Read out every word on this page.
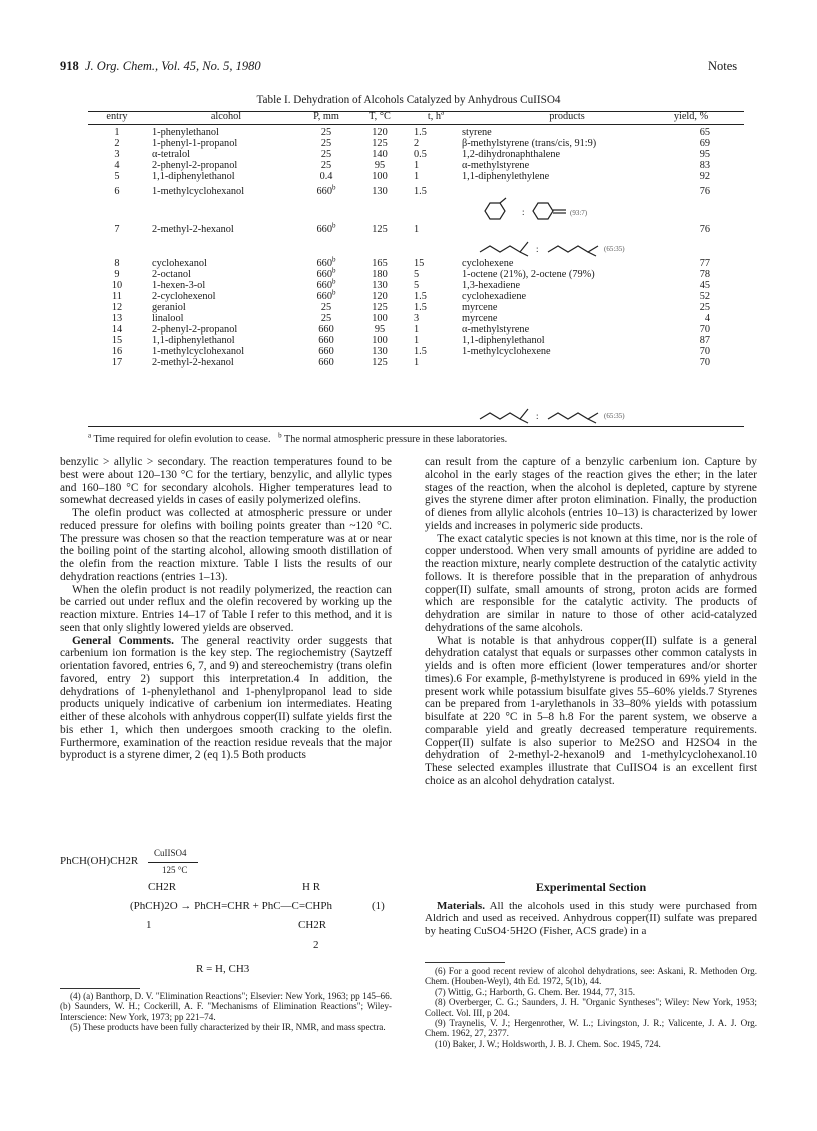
918 J. Org. Chem., Vol. 45, No. 5, 1980	Notes
Table I. Dehydration of Alcohols Catalyzed by Anhydrous CuIISO4
entry	alcohol	P, mm	T, °C	t, $h^a$	products	yield, %
1	1-phenylethanol	25	120	1.5	styrene	65
2	1-phenyl-1-propanol	25	125	2	β-methylstyrene (trans/cis, 91:9)	69
3	α-tetralol	25	140	0.5	1,2-dihydronaphthalene	95
4	2-phenyl-2-propanol	25	95	1	α-methylstyrene	83
5	1,1-diphenylethanol	0.4	100	1	1,1-diphenylethylene	92

6	1-methylcyclohexanol	660$^b$	130	1.5		76
7	2-methyl-2-hexanol	660$^b$	125	1		76

8	cyclohexanol	660$^b$	165	15	cyclohexene	77
9	2-octanol	660$^b$	180	5	1-octene (21%), 2-octene (79%)	78
10	1-hexen-3-ol	660$^b$	130	5	1,3-hexadiene	45
11	2-cyclohexenol	660$^b$	120	1.5	cyclohexadiene	52
12	geraniol	25	125	1.5	myrcene	25
13	linalool	25	100	3	myrcene	4
14	2-phenyl-2-propanol	660	95	1	α-methylstyrene	70
15	1,1-diphenylethanol	660	100	1	1,1-diphenylethanol	87
16	1-methylcyclohexanol	660	130	1.5	1-methylcyclohexene	70
17	2-methyl-2-hexanol	660	125	1		70
:	(93:7)
:	(65:35)
:	(65:35)
$^a$ Time required for olefin evolution to cease. $^b$ The normal atmospheric pressure in these laboratories.

benzylic > allylic > secondary. The reaction temperatures found to be best were about 120–130 °C for the tertiary, benzylic, and allylic types and 160–180 °C for secondary alcohols. Higher temperatures lead to somewhat decreased yields in cases of easily polymerized olefins.

The olefin product was collected at atmospheric pressure or under reduced pressure for olefins with boiling points greater than ~120 °C. The pressure was chosen so that the reaction temperature was at or near the boiling point of the starting alcohol, allowing smooth distillation of the olefin from the reaction mixture. Table I lists the results of our dehydration reactions (entries 1–13).

When the olefin product is not readily polymerized, the reaction can be carried out under reflux and the olefin recovered by working up the reaction mixture. Entries 14–17 of Table I refer to this method, and it is seen that only slightly lowered yields are observed.

General Comments. The general reactivity order suggests that carbenium ion formation is the key step. The regiochemistry (Saytzeff orientation favored, entries 6, 7, and 9) and stereochemistry (trans olefin favored, entry 2) support this interpretation.4 In addition, the dehydrations of 1-phenylethanol and 1-phenylpropanol lead to side products uniquely indicative of carbenium ion intermediates. Heating either of these alcohols with anhydrous copper(II) sulfate yields first the bis ether 1, which then undergoes smooth cracking to the olefin. Furthermore, examination of the reaction residue reveals that the major byproduct is a styrene dimer, 2 (eq 1).5 Both products

PhCH(OH)CH2R
CuIISO4
125 °C
CH2R	H R
(PhCH)2O → PhCH=CHR + PhC—C=CHPh	(1)
1	CH2R
2
R = H, CH3

(4) (a) Banthorp, D. V. "Elimination Reactions"; Elsevier: New York, 1963; pp 145–66. (b) Saunders, W. H.; Cockerill, A. F. "Mechanisms of Elimination Reactions"; Wiley-Interscience: New York, 1973; pp 221–74.

(5) These products have been fully characterized by their IR, NMR, and mass spectra.

can result from the capture of a benzylic carbenium ion. Capture by alcohol in the early stages of the reaction gives the ether; in the later stages of the reaction, when the alcohol is depleted, capture by styrene gives the styrene dimer after proton elimination. Finally, the production of dienes from allylic alcohols (entries 10–13) is characterized by lower yields and increases in polymeric side products.

The exact catalytic species is not known at this time, nor is the role of copper understood. When very small amounts of pyridine are added to the reaction mixture, nearly complete destruction of the catalytic activity follows. It is therefore possible that in the preparation of anhydrous copper(II) sulfate, small amounts of strong, proton acids are formed which are responsible for the catalytic activity. The products of dehydration are similar in nature to those of other acid-catalyzed dehydrations of the same alcohols.

What is notable is that anhydrous copper(II) sulfate is a general dehydration catalyst that equals or surpasses other common catalysts in yields and is often more efficient (lower temperatures and/or shorter times).6 For example, β-methylstyrene is produced in 69% yield in the present work while potassium bisulfate gives 55–60% yields.7 Styrenes can be prepared from 1-arylethanols in 33–80% yields with potassium bisulfate at 220 °C in 5–8 h.8 For the parent system, we observe a comparable yield and greatly decreased temperature requirements. Copper(II) sulfate is also superior to Me2SO and H2SO4 in the dehydration of 2-methyl-2-hexanol9 and 1-methylcyclohexanol.10 These selected examples illustrate that CuIISO4 is an excellent first choice as an alcohol dehydration catalyst.

Experimental Section

Materials. All the alcohols used in this study were purchased from Aldrich and used as received. Anhydrous copper(II) sulfate was prepared by heating CuSO4·5H2O (Fisher, ACS grade) in a

(6) For a good recent review of alcohol dehydrations, see: Askani, R. Methoden Org. Chem. (Houben-Weyl), 4th Ed. 1972, 5(1b), 44.

(7) Wittig, G.; Harborth, G. Chem. Ber. 1944, 77, 315.

(8) Overberger, C. G.; Saunders, J. H. "Organic Syntheses"; Wiley: New York, 1953; Collect. Vol. III, p 204.

(9) Traynelis, V. J.; Hergenrother, W. L.; Livingston, J. R.; Valicente, J. A. J. Org. Chem. 1962, 27, 2377.

(10) Baker, J. W.; Holdsworth, J. B. J. Chem. Soc. 1945, 724.
